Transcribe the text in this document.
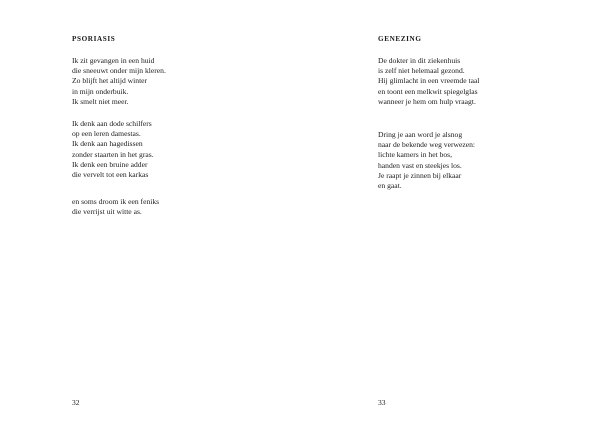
PSORIASIS
Ik zit gevangen in een huid
die sneeuwt onder mijn kleren.
Zo blijft het altijd winter
in mijn onderbuik.
Ik smelt niet meer.
Ik denk aan dode schilfers
op een leren damestas.
Ik denk aan hagedissen
zonder staarten in het gras.
Ik denk een bruine adder
die vervelt tot een karkas
en soms droom ik een feniks
die verrijst uit witte as.
32
GENEZING
De dokter in dit ziekenhuis
is zelf niet helemaal gezond.
Hij glimlacht in een vreemde taal
en toont een melkwit spiegelglas
wanneer je hem om hulp vraagt.
Dring je aan word je alsnog
naar de bekende weg verwezen:
lichte kamers in het bos,
handen vast en steekjes los.
Je raapt je zinnen bij elkaar
en gaat.
33
